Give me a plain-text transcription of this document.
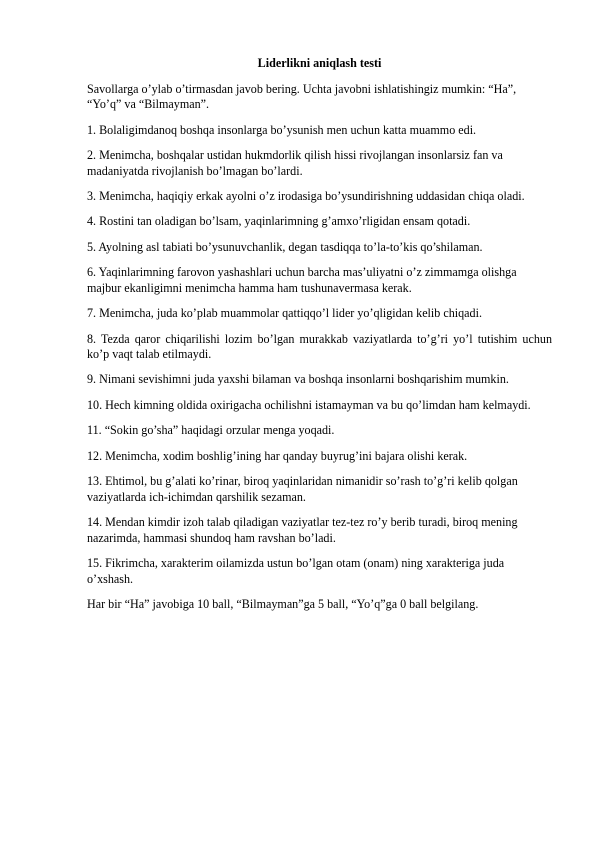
Liderlikni aniqlash testi
Savollarga o’ylab o’tirmasdan javob bering. Uchta javobni ishlatishingiz mumkin: “Ha”, “Yo’q” va “Bilmayman”.
1. Bolaligimdanoq boshqa insonlarga bo’ysunish men uchun katta muammo edi.
2. Menimcha, boshqalar ustidan hukmdorlik qilish hissi rivojlangan insonlarsiz fan va madaniyatda rivojlanish bo’lmagan bo’lardi.
3. Menimcha, haqiqiy erkak ayolni o’z irodasiga bo’ysundirishning uddasidan chiqa oladi.
4. Rostini tan oladigan bo’lsam, yaqinlarimning g’amxo’rligidan ensam qotadi.
5. Ayolning asl tabiati bo’ysunuvchanlik, degan tasdiqqa to’la-to’kis qo’shilaman.
6. Yaqinlarimning farovon yashashlari uchun barcha mas’uliyatni o’z zimmamga olishga majbur ekanligimni menimcha hamma ham tushunavermasa kerak.
7. Menimcha, juda ko’plab muammolar qattiqqo’l lider yo’qligidan kelib chiqadi.
8. Tezda qaror chiqarilishi lozim bo’lgan murakkab vaziyatlarda to’g’ri yo’l tutishim uchun ko’p vaqt talab etilmaydi.
9. Nimani sevishimni juda yaxshi bilaman va boshqa insonlarni boshqarishim mumkin.
10. Hech kimning oldida oxirigacha ochilishni istamayman va bu qo’limdan ham kelmaydi.
11. “Sokin go’sha” haqidagi orzular menga yoqadi.
12. Menimcha, xodim boshlig’ining har qanday buyrug’ini bajara olishi kerak.
13. Ehtimol, bu g’alati ko’rinar, biroq yaqinlaridan nimanidir so’rash to’g’ri kelib qolgan vaziyatlarda ich-ichimdan qarshilik sezaman.
14. Mendan kimdir izoh talab qiladigan vaziyatlar tez-tez ro’y berib turadi, biroq mening nazarimda, hammasi shundoq ham ravshan bo’ladi.
15. Fikrimcha, xarakterim oilamizda ustun bo’lgan otam (onam) ning xarakteriga juda o’xshash.
Har bir “Ha” javobiga 10 ball, “Bilmayman”ga 5 ball, “Yo’q”ga 0 ball belgilang.
